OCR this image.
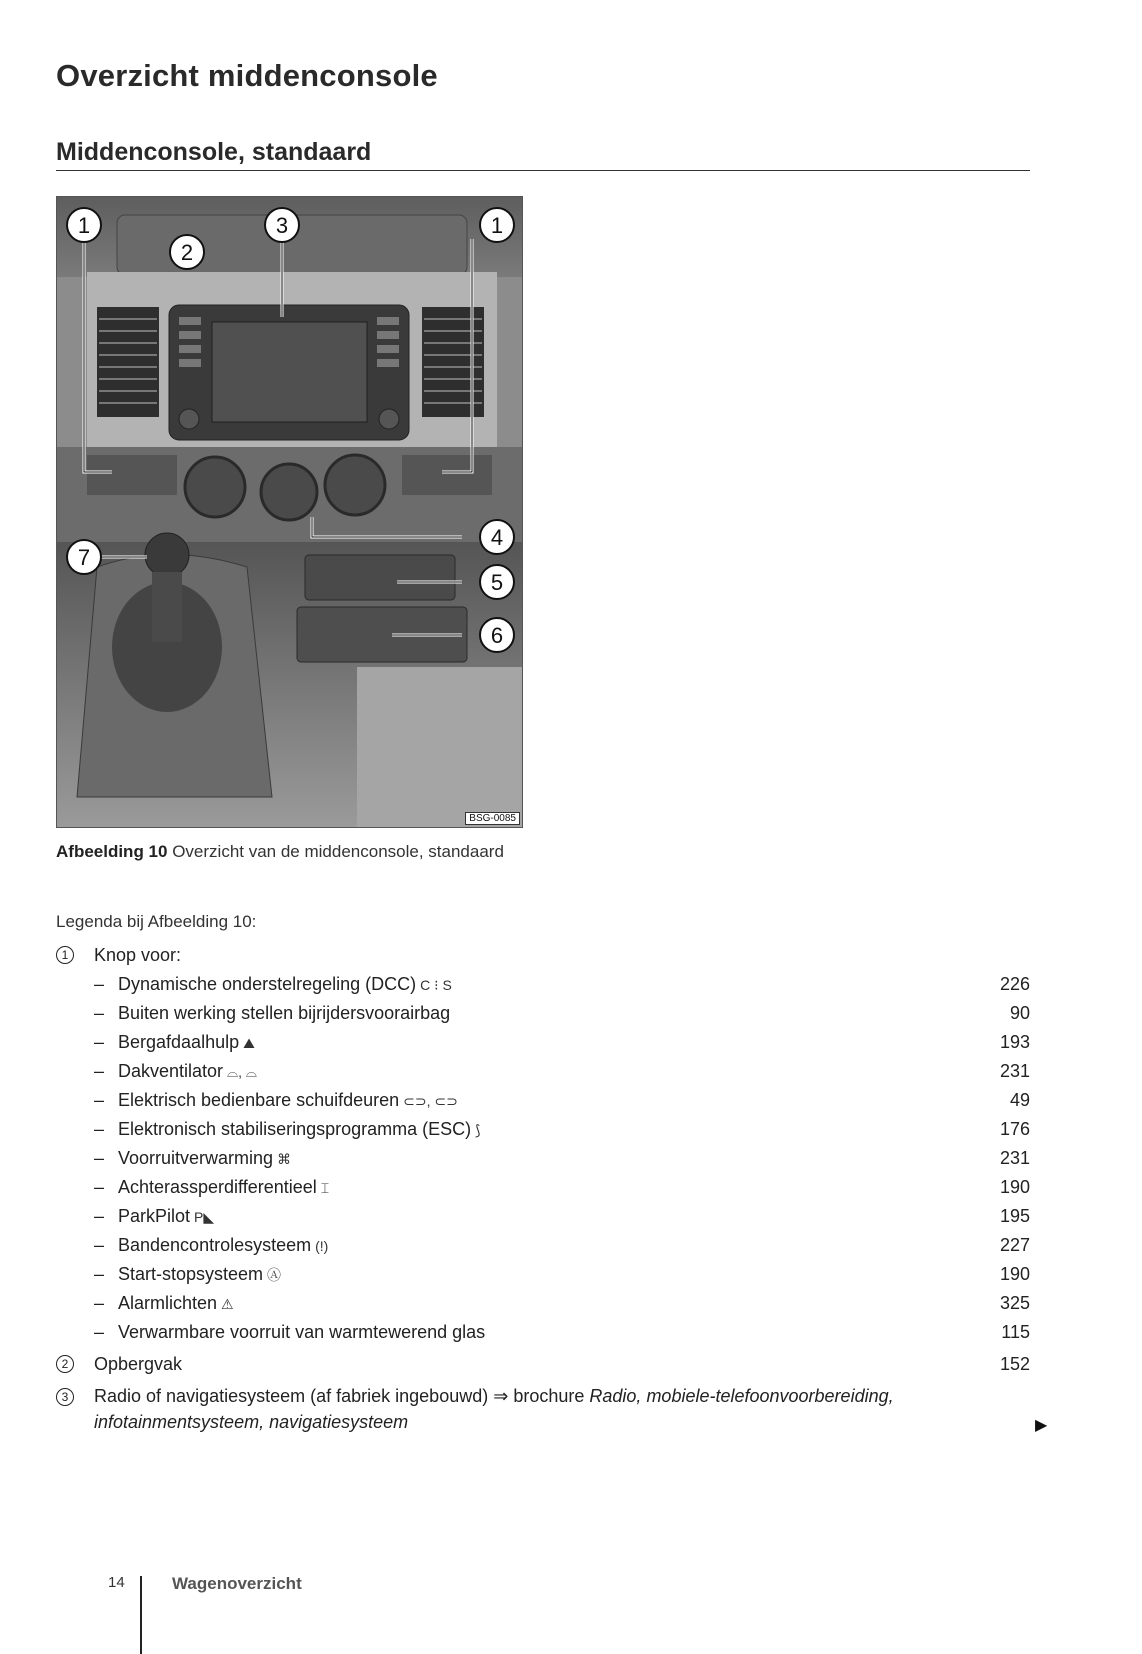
Overzicht middenconsole
Middenconsole, standaard
1
2
3	1
4
5
6
7
BSG-0085
Afbeelding 10 Overzicht van de middenconsole, standaard
Legenda bij Afbeelding 10:
1	Knop voor:
– Dynamische onderstelregeling (DCC) C ⁝ S	226
– Buiten werking stellen bijrijdersvoorairbag	90
– Bergafdaalhulp ⛰	193
– Dakventilator ⌓, ⌓	231
– Elektrisch bedienbare schuifdeuren ⊂⊃, ⊂⊃	49
– Elektronisch stabiliseringsprogramma (ESC) ⟆	176
– Voorruitverwarming ⌘	231
– Achterassperdifferentieel ⌶	190
– ParkPilot P◣	195
– Bandencontrolesysteem (!)	227
– Start-stopsysteem Ⓐ	190
– Alarmlichten ⚠	325
– Verwarmbare voorruit van warmtewerend glas	115
2	Opbergvak	152
3	Radio of navigatiesysteem (af fabriek ingebouwd) ⇒ brochure Radio, mobiele-telefoonvoorbereiding, infotainmentsysteem, navigatiesysteem	▶
14	Wagenoverzicht
